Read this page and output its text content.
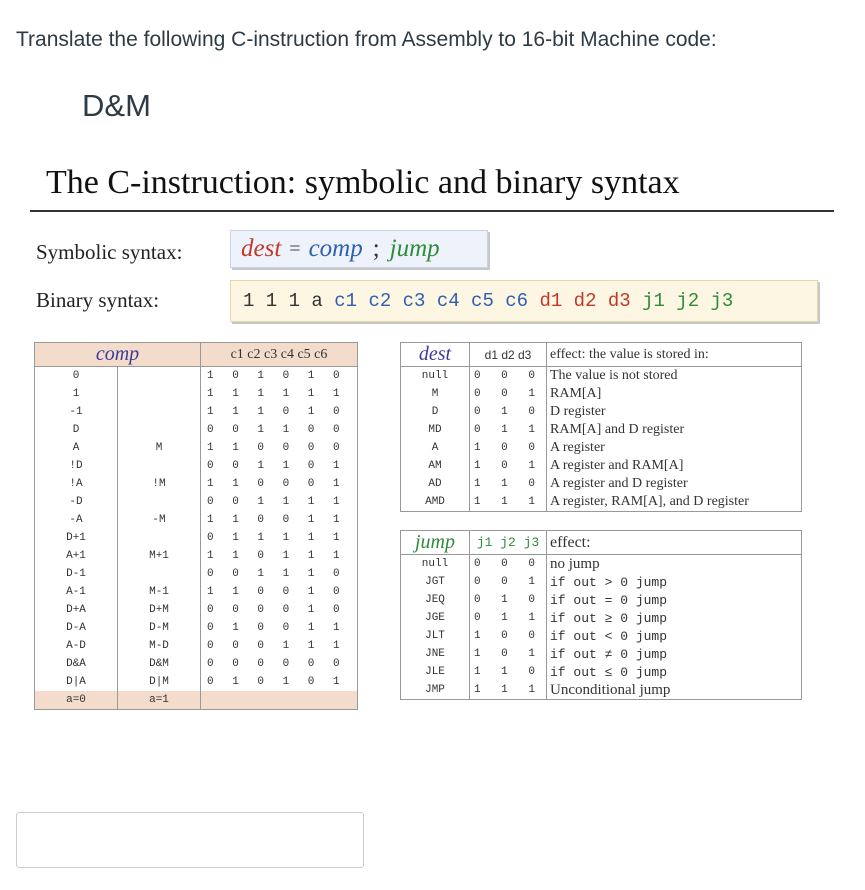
Translate the following C-instruction from Assembly to 16-bit Machine code:
D&M
The C-instruction: symbolic and binary syntax
Symbolic syntax: dest = comp ; jump
Binary syntax:	1 1 1 a c1 c2 c3 c4 c5 c6 d1 d2 d3 j1 j2 j3
comp		c1 c2 c3 c4 c5 c6
0		1 0 1 0 1 0
1		1 1 1 1 1 1
-1		1 1 1 0 1 0
D		0 0 1 1 0 0
A	M	1 1 0 0 0 0
!D		0 0 1 1 0 1
!A	!M	1 1 0 0 0 1
-D		0 0 1 1 1 1
-A	-M	1 1 0 0 1 1
D+1		0 1 1 1 1 1
A+1	M+1	1 1 0 1 1 1
D-1		0 0 1 1 1 0
A-1	M-1	1 1 0 0 1 0
D+A	D+M	0 0 0 0 1 0
D-A	D-M	0 1 0 0 1 1
A-D	M-D	0 0 0 1 1 1
D&A	D&M	0 0 0 0 0 0
D|A	D|M	0 1 0 1 0 1
a=0	a=1	
dest	d1 d2 d3	effect: the value is stored in:
null	0 0 0	The value is not stored
M	0 0 1	RAM[A]
D	0 1 0	D register
MD	0 1 1	RAM[A] and D register
A	1 0 0	A register
AM	1 0 1	A register and RAM[A]
AD	1 1 0	A register and D register
AMD	1 1 1	A register, RAM[A], and D register
jump	j1 j2 j3	effect:
null	0 0 0	no jump
JGT	0 0 1	if out > 0 jump
JEQ	0 1 0	if out = 0 jump
JGE	0 1 1	if out ≥ 0 jump
JLT	1 0 0	if out < 0 jump
JNE	1 0 1	if out ≠ 0 jump
JLE	1 1 0	if out ≤ 0 jump
JMP	1 1 1	Unconditional jump
